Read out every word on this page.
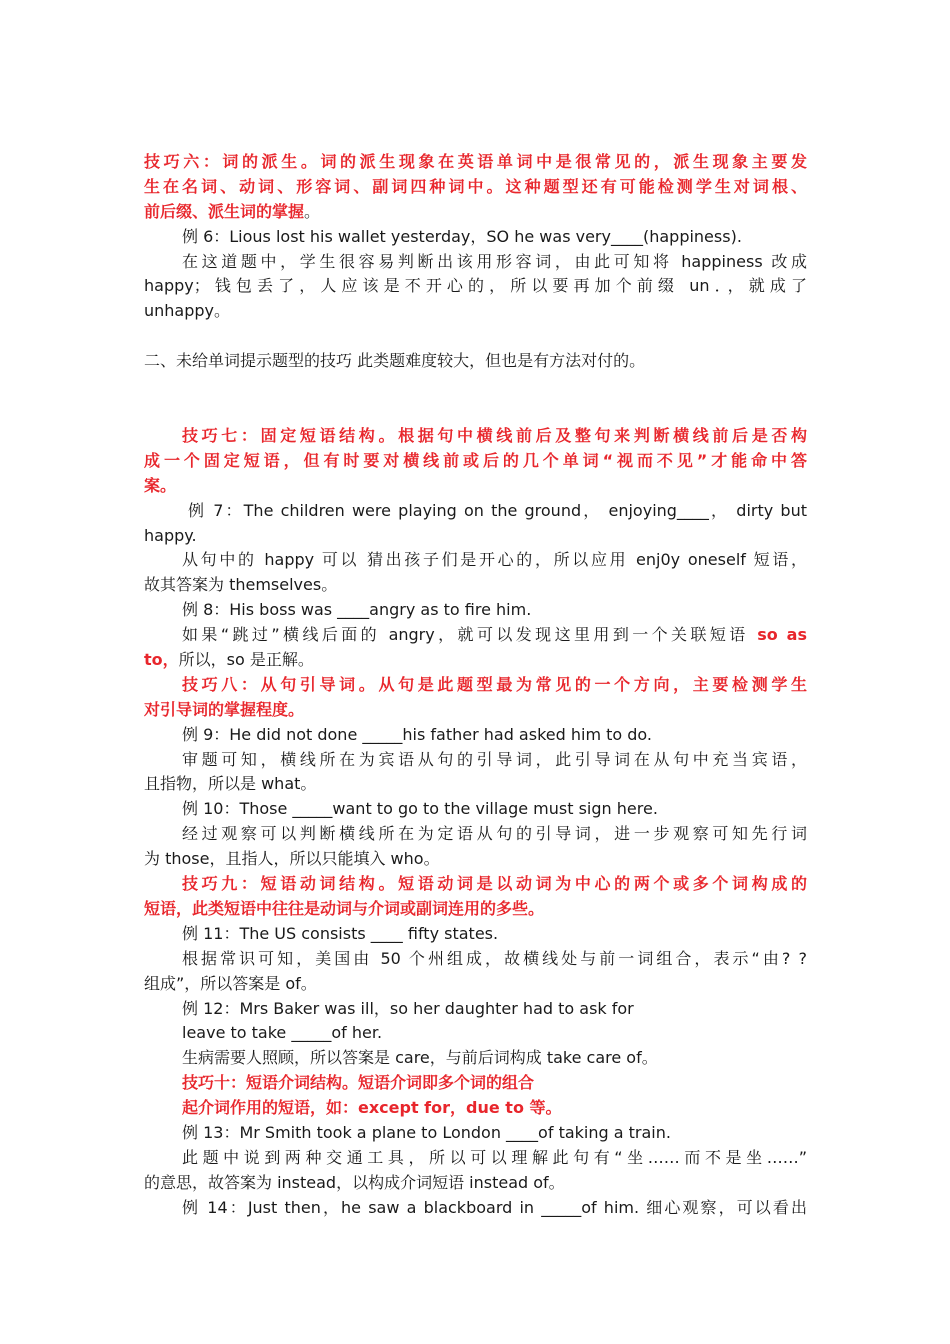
技巧六：词的派生。词的派生现象在英语单词中是很常见的，派生现象主要发
生在名词、动词、形容词、副词四种词中。这种题型还有可能检测学生对词根、
前后缀、派生词的掌握。
例 6：Lious lost his wallet yesterday，SO he was very____(happiness).
在这道题中，学生很容易判断出该用形容词，由此可知将 happiness 改成
happy；钱包丢了，人应该是不开心的，所以要再加个前缀 un．，就成了
unhappy。
二、未给单词提示题型的技巧 此类题难度较大，但也是有方法对付的。
技巧七：固定短语结构。根据句中横线前后及整句来判断横线前后是否构
成一个固定短语，但有时要对横线前或后的几个单词“视而不见”才能命中答
案。
例 7：The children were playing on the ground， enjoying____， dirty but
happy.
从句中的 happy 可以 猜出孩子们是开心的，所以应用 enj0y oneself 短语，
故其答案为 themselves。
例 8：His boss was ____angry as to fire him.
如果“跳过”横线后面的 angry，就可以发现这里用到一个关联短语 so as
to，所以，so 是正解。
技巧八：从句引导词。从句是此题型最为常见的一个方向，主要检测学生
对引导词的掌握程度。
例 9：He did not done _____his father had asked him to do.
审题可知，横线所在为宾语从句的引导词，此引导词在从句中充当宾语，
且指物，所以是 what。
例 10：Those _____want to go to the village must sign here.
经过观察可以判断横线所在为定语从句的引导词，进一步观察可知先行词
为 those，且指人，所以只能填入 who。
技巧九：短语动词结构。短语动词是以动词为中心的两个或多个词构成的
短语，此类短语中往往是动词与介词或副词连用的多些。
例 11：The US consists ____ fifty states.
根据常识可知，美国由 50 个州组成，故横线处与前一词组合，表示“由? ?
组成”，所以答案是 of。
例 12：Mrs Baker was ill，so her daughter had to ask for
leave to take _____of her.
生病需要人照顾，所以答案是 care，与前后词构成 take care of。
技巧十：短语介词结构。短语介词即多个词的组合
起介词作用的短语，如：except for，due to 等。
例 13：Mr Smith took a plane to London ____of taking a train.
此题中说到两种交通工具，所以可以理解此句有“坐……而不是坐……”
的意思，故答案为 instead，以构成介词短语 instead of。
例 14：Just then，he saw a blackboard in _____of him. 细心观察，可以看出
